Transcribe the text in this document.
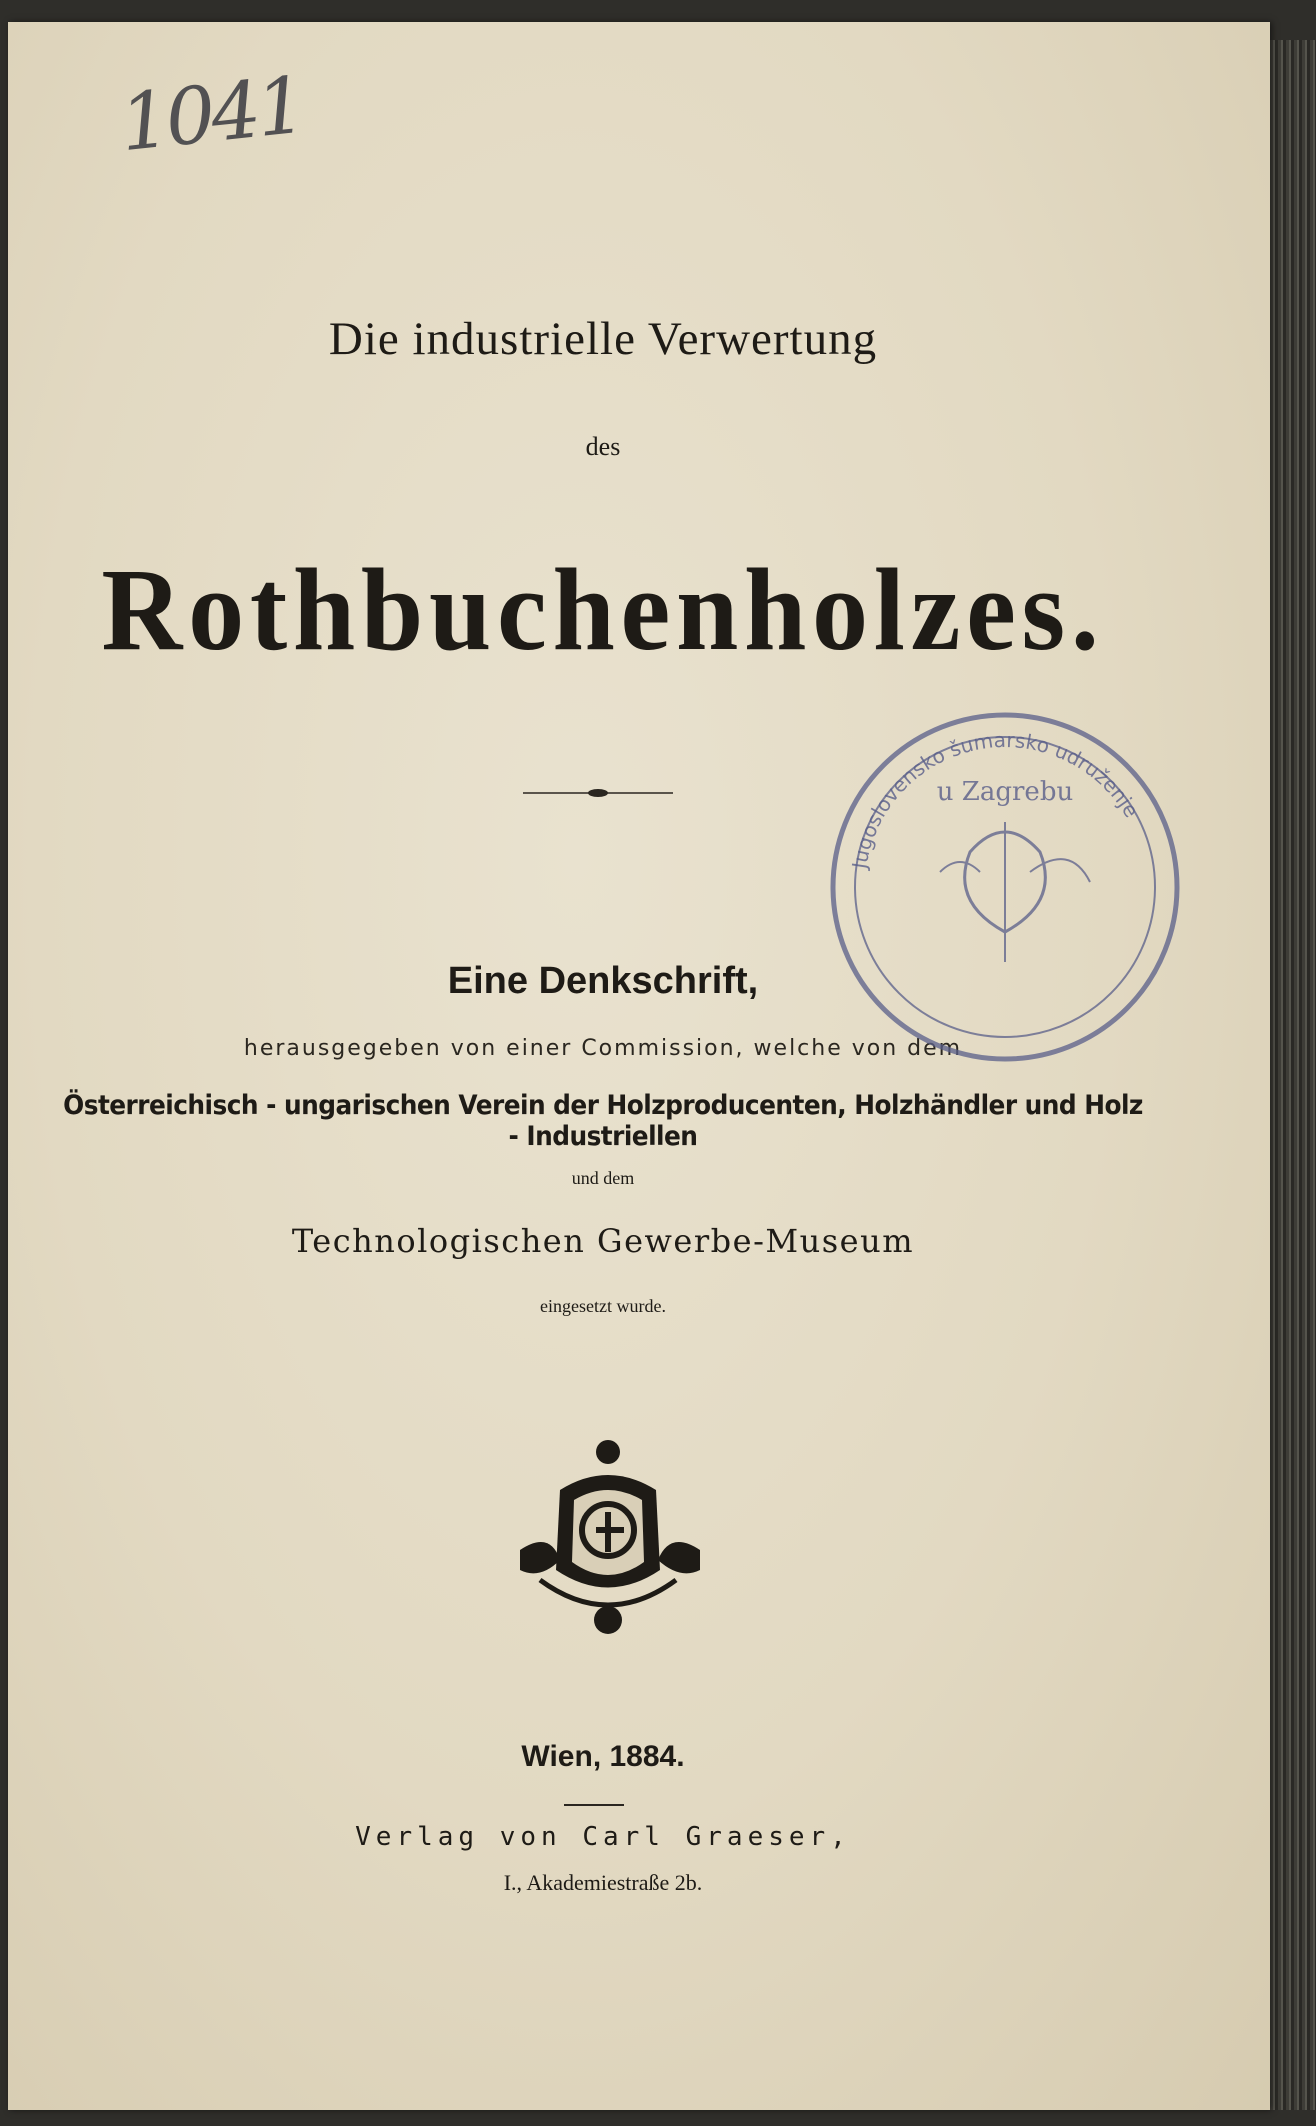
1041
Die industrielle Verwertung
des
Rothbuchenholzes.
Eine Denkschrift,
herausgegeben von einer Commission, welche von dem
Österreichisch - ungarischen Verein der Holzproducenten, Holzhändler und Holz - Industriellen
und dem
Technologischen Gewerbe-Museum
eingesetzt wurde.
Wien, 1884.
Verlag von Carl Graeser,
I., Akademiestraße 2b.
Jugoslovensko šumarsko udruženje
u Zagrebu
